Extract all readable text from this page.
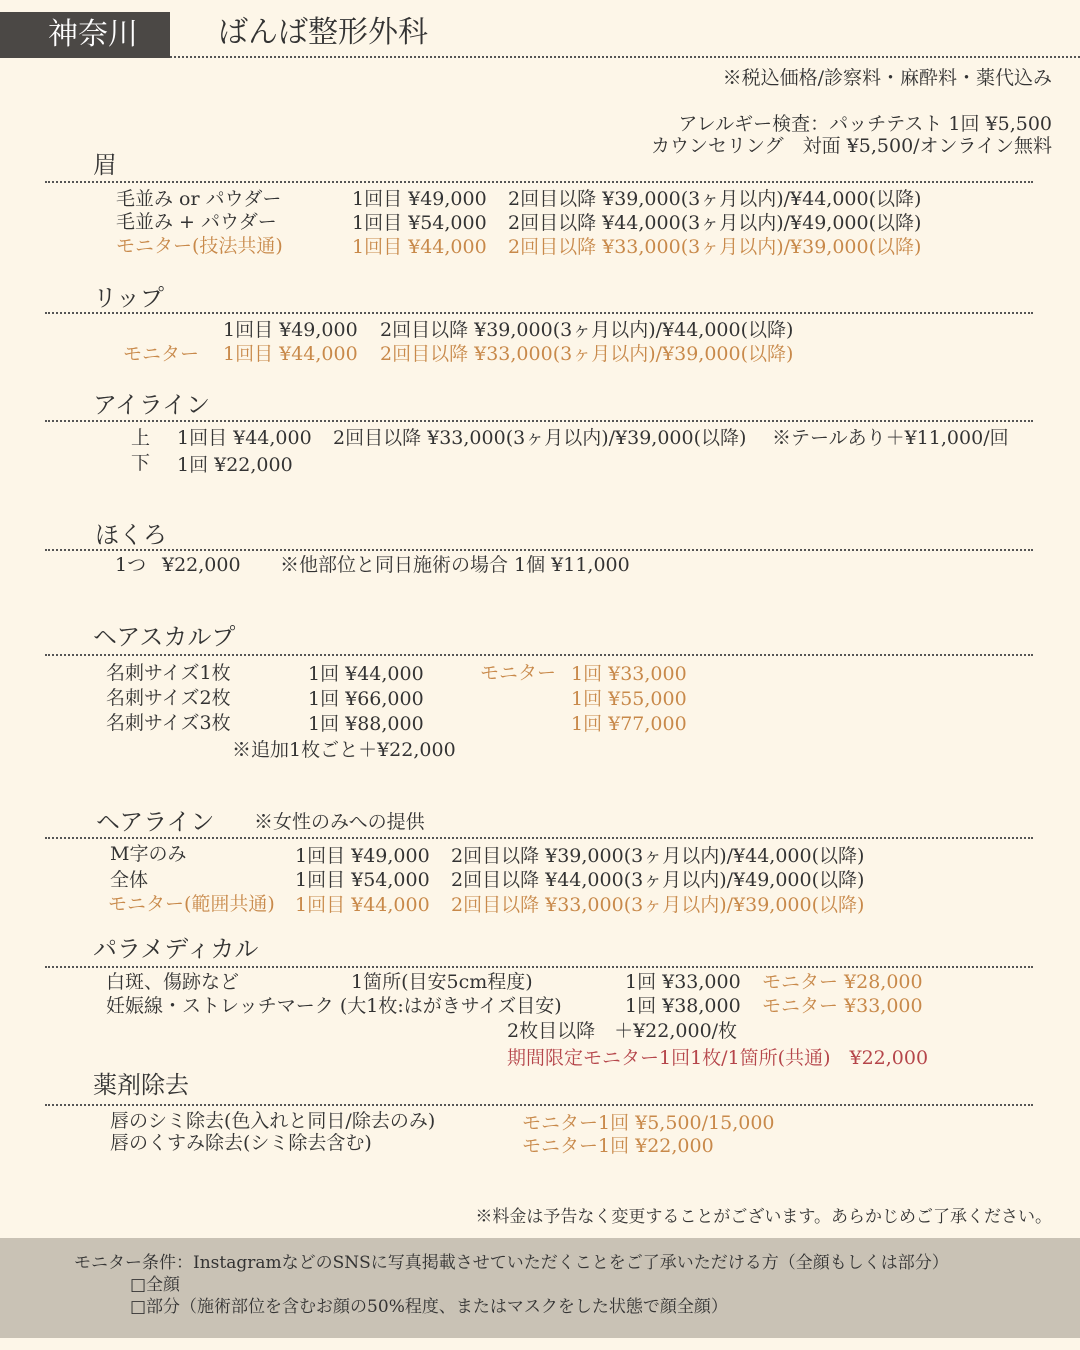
神奈川	ばんば整形外科
※税込価格/診察料・麻酔料・薬代込み
アレルギー検査：パッチテスト 1回 ¥5,500
カウンセリング　対面 ¥5,500/オンライン無料
眉
毛並み or パウダー	1回目 ¥49,000 2回目以降 ¥39,000(3ヶ月以内)/¥44,000(以降)
毛並み + パウダー	1回目 ¥54,000 2回目以降 ¥44,000(3ヶ月以内)/¥49,000(以降)
モニター(技法共通)	1回目 ¥44,000 2回目以降 ¥33,000(3ヶ月以内)/¥39,000(以降)
リップ
1回目 ¥49,000 2回目以降 ¥39,000(3ヶ月以内)/¥44,000(以降)
モニター 1回目 ¥44,000 2回目以降 ¥33,000(3ヶ月以内)/¥39,000(以降)
アイライン
上 1回目 ¥44,000 2回目以降 ¥33,000(3ヶ月以内)/¥39,000(以降) ※テールあり＋¥11,000/回
下 1回 ¥22,000
ほくろ
1つ ¥22,000 ※他部位と同日施術の場合 1個 ¥11,000
ヘアスカルプ
名刺サイズ1枚	1回 ¥44,000	モニター 1回 ¥33,000
名刺サイズ2枚	1回 ¥66,000	1回 ¥55,000
名刺サイズ3枚	1回 ¥88,000	1回 ¥77,000
※追加1枚ごと＋¥22,000
ヘアライン ※女性のみへの提供
M字のみ	1回目 ¥49,000 2回目以降 ¥39,000(3ヶ月以内)/¥44,000(以降)
全体	1回目 ¥54,000 2回目以降 ¥44,000(3ヶ月以内)/¥49,000(以降)
モニター(範囲共通) 1回目 ¥44,000 2回目以降 ¥33,000(3ヶ月以内)/¥39,000(以降)
パラメディカル
白斑、傷跡など	1箇所(目安5cm程度)	1回 ¥33,000 モニター ¥28,000
妊娠線・ストレッチマーク (大1枚:はがきサイズ目安)	1回 ¥38,000 モニター ¥33,000
2枚目以降　＋¥22,000/枚
期間限定モニター1回1枚/1箇所(共通)　¥22,000
薬剤除去
唇のシミ除去(色入れと同日/除去のみ)	モニター1回 ¥5,500/15,000
唇のくすみ除去(シミ除去含む)	モニター1回 ¥22,000
※料金は予告なく変更することがございます。あらかじめご了承ください。
モニター条件：InstagramなどのSNSに写真掲載させていただくことをご了承いただける方（全顔もしくは部分）
□全顔
□部分（施術部位を含むお顔の50%程度、またはマスクをした状態で顔全顔）
